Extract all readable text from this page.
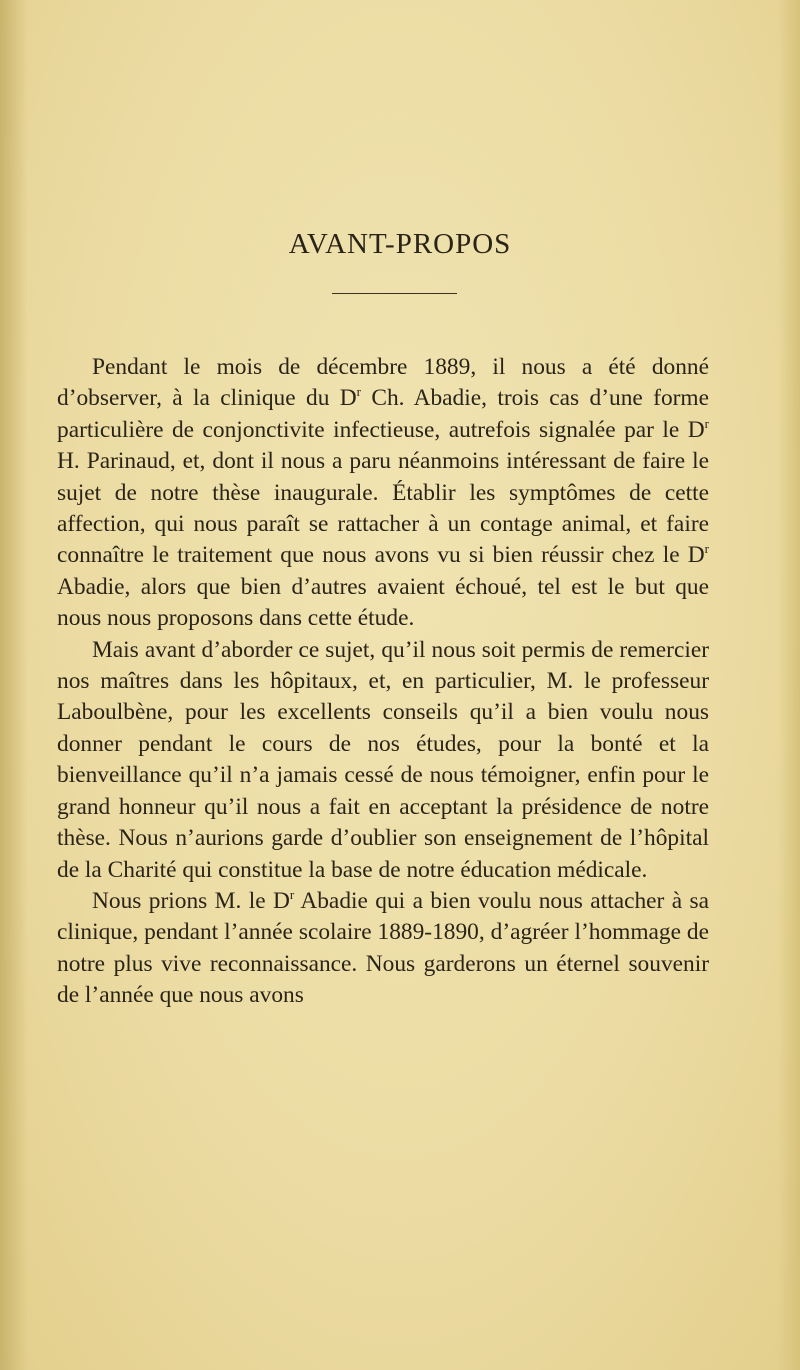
AVANT-PROPOS

Pendant le mois de décembre 1889, il nous a été donné d’observer, à la clinique du $D^r$ Ch. Abadie, trois cas d’une forme particulière de conjonctivite infectieuse, autrefois signalée par le $D^r$ H. Parinaud, et, dont il nous a paru néanmoins intéressant de faire le sujet de notre thèse inaugurale. Établir les symptômes de cette affection, qui nous paraît se rattacher à un contage animal, et faire connaître le traitement que nous avons vu si bien réussir chez le $D^r$ Abadie, alors que bien d’autres avaient échoué, tel est le but que nous nous proposons dans cette étude.

Mais avant d’aborder ce sujet, qu’il nous soit permis de remercier nos maîtres dans les hôpitaux, et, en particulier, M. le professeur Laboulbène, pour les excellents conseils qu’il a bien voulu nous donner pendant le cours de nos études, pour la bonté et la bienveillance qu’il n’a jamais cessé de nous témoigner, enfin pour le grand honneur qu’il nous a fait en acceptant la présidence de notre thèse. Nous n’aurions garde d’oublier son enseignement de l’hôpital de la Charité qui constitue la base de notre éducation médicale.

Nous prions M. le $D^r$ Abadie qui a bien voulu nous attacher à sa clinique, pendant l’année scolaire 1889-1890, d’agréer l’hommage de notre plus vive reconnaissance. Nous garderons un éternel souvenir de l’année que nous avons
